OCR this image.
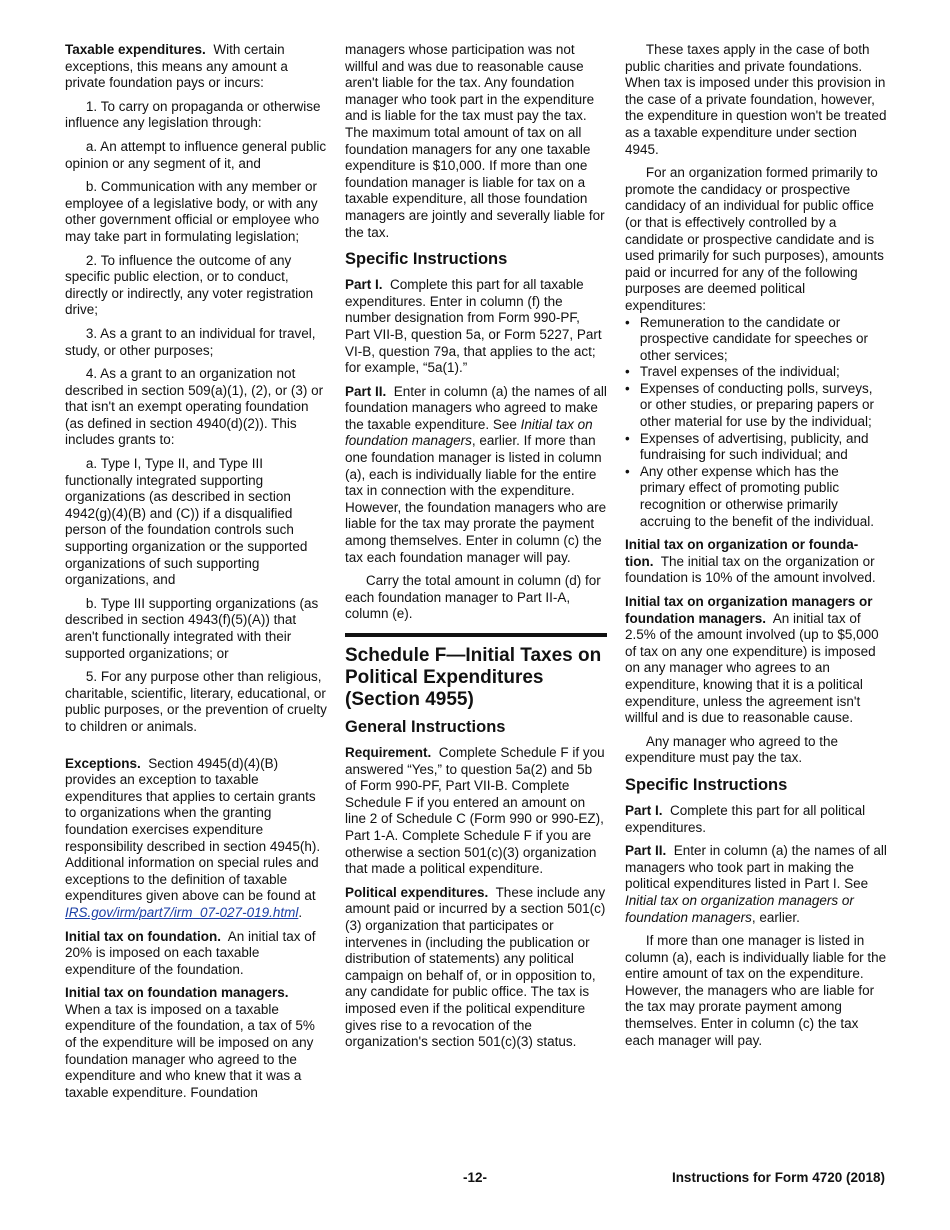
Taxable expenditures. With certain exceptions, this means any amount a private foundation pays or incurs:

1. To carry on propaganda or otherwise influence any legislation through:

a. An attempt to influence general public opinion or any segment of it, and

b. Communication with any member or employee of a legislative body, or with any other government official or employee who may take part in formulating legislation;

2. To influence the outcome of any specific public election, or to conduct, directly or indirectly, any voter registration drive;

3. As a grant to an individual for travel, study, or other purposes;

4. As a grant to an organization not described in section 509(a)(1), (2), or (3) or that isn't an exempt operating foundation (as defined in section 4940(d)(2)). This includes grants to:

a. Type I, Type II, and Type III functionally integrated supporting organizations (as described in section 4942(g)(4)(B) and (C)) if a disqualified person of the foundation controls such supporting organization or the supported organizations of such supporting organizations, and

b. Type III supporting organizations (as described in section 4943(f)(5)(A)) that aren't functionally integrated with their supported organizations; or

5. For any purpose other than religious, charitable, scientific, literary, educational, or public purposes, or the prevention of cruelty to children or animals.

Exceptions. Section 4945(d)(4)(B) provides an exception to taxable expenditures that applies to certain grants to organizations when the granting foundation exercises expenditure responsibility described in section 4945(h). Additional information on special rules and exceptions to the definition of taxable expenditures given above can be found at IRS.gov/irm/part7/irm_07-027-019.html.

Initial tax on foundation. An initial tax of 20% is imposed on each taxable expenditure of the foundation.

Initial tax on foundation managers. When a tax is imposed on a taxable expenditure of the foundation, a tax of 5% of the expenditure will be imposed on any foundation manager who agreed to the expenditure and who knew that it was a taxable expenditure. Foundation

managers whose participation was not willful and was due to reasonable cause aren't liable for the tax. Any foundation manager who took part in the expenditure and is liable for the tax must pay the tax. The maximum total amount of tax on all foundation managers for any one taxable expenditure is $10,000. If more than one foundation manager is liable for tax on a taxable expenditure, all those foundation managers are jointly and severally liable for the tax.

Specific Instructions

Part I. Complete this part for all taxable expenditures. Enter in column (f) the number designation from Form 990-PF, Part VII-B, question 5a, or Form 5227, Part VI-B, question 79a, that applies to the act; for example, “5a(1).”

Part II. Enter in column (a) the names of all foundation managers who agreed to make the taxable expenditure. See Initial tax on foundation managers, earlier. If more than one foundation manager is listed in column (a), each is individually liable for the entire tax in connection with the expenditure. However, the foundation managers who are liable for the tax may prorate the payment among themselves. Enter in column (c) the tax each foundation manager will pay.

Carry the total amount in column (d) for each foundation manager to Part II-A, column (e).

Schedule F—Initial Taxes on Political Expenditures (Section 4955)
General Instructions

Requirement. Complete Schedule F if you answered “Yes,” to question 5a(2) and 5b of Form 990-PF, Part VII-B. Complete Schedule F if you entered an amount on line 2 of Schedule C (Form 990 or 990-EZ), Part 1-A. Complete Schedule F if you are otherwise a section 501(c)(3) organization that made a political expenditure.

Political expenditures. These include any amount paid or incurred by a section 501(c)(3) organization that participates or intervenes in (including the publication or distribution of statements) any political campaign on behalf of, or in opposition to, any candidate for public office. The tax is imposed even if the political expenditure gives rise to a revocation of the organization's section 501(c)(3) status.

These taxes apply in the case of both public charities and private foundations. When tax is imposed under this provision in the case of a private foundation, however, the expenditure in question won't be treated as a taxable expenditure under section 4945.

For an organization formed primarily to promote the candidacy or prospective candidacy of an individual for public office (or that is effectively controlled by a candidate or prospective candidate and is used primarily for such purposes), amounts paid or incurred for any of the following purposes are deemed political expenditures:

• Remuneration to the candidate or prospective candidate for speeches or other services;
• Travel expenses of the individual;
• Expenses of conducting polls, surveys, or other studies, or preparing papers or other material for use by the individual;
• Expenses of advertising, publicity, and fundraising for such individual; and
• Any other expense which has the primary effect of promoting public recognition or otherwise primarily accruing to the benefit of the individual.

Initial tax on organization or founda-tion. The initial tax on the organization or foundation is 10% of the amount involved.

Initial tax on organization managers or foundation managers. An initial tax of 2.5% of the amount involved (up to $5,000 of tax on any one expenditure) is imposed on any manager who agrees to an expenditure, knowing that it is a political expenditure, unless the agreement isn't willful and is due to reasonable cause.

Any manager who agreed to the expenditure must pay the tax.

Specific Instructions

Part I. Complete this part for all political expenditures.

Part II. Enter in column (a) the names of all managers who took part in making the political expenditures listed in Part I. See Initial tax on organization managers or foundation managers, earlier.

If more than one manager is listed in column (a), each is individually liable for the entire amount of tax on the expenditure. However, the managers who are liable for the tax may prorate payment among themselves. Enter in column (c) the tax each manager will pay.

-12-	Instructions for Form 4720 (2018)
